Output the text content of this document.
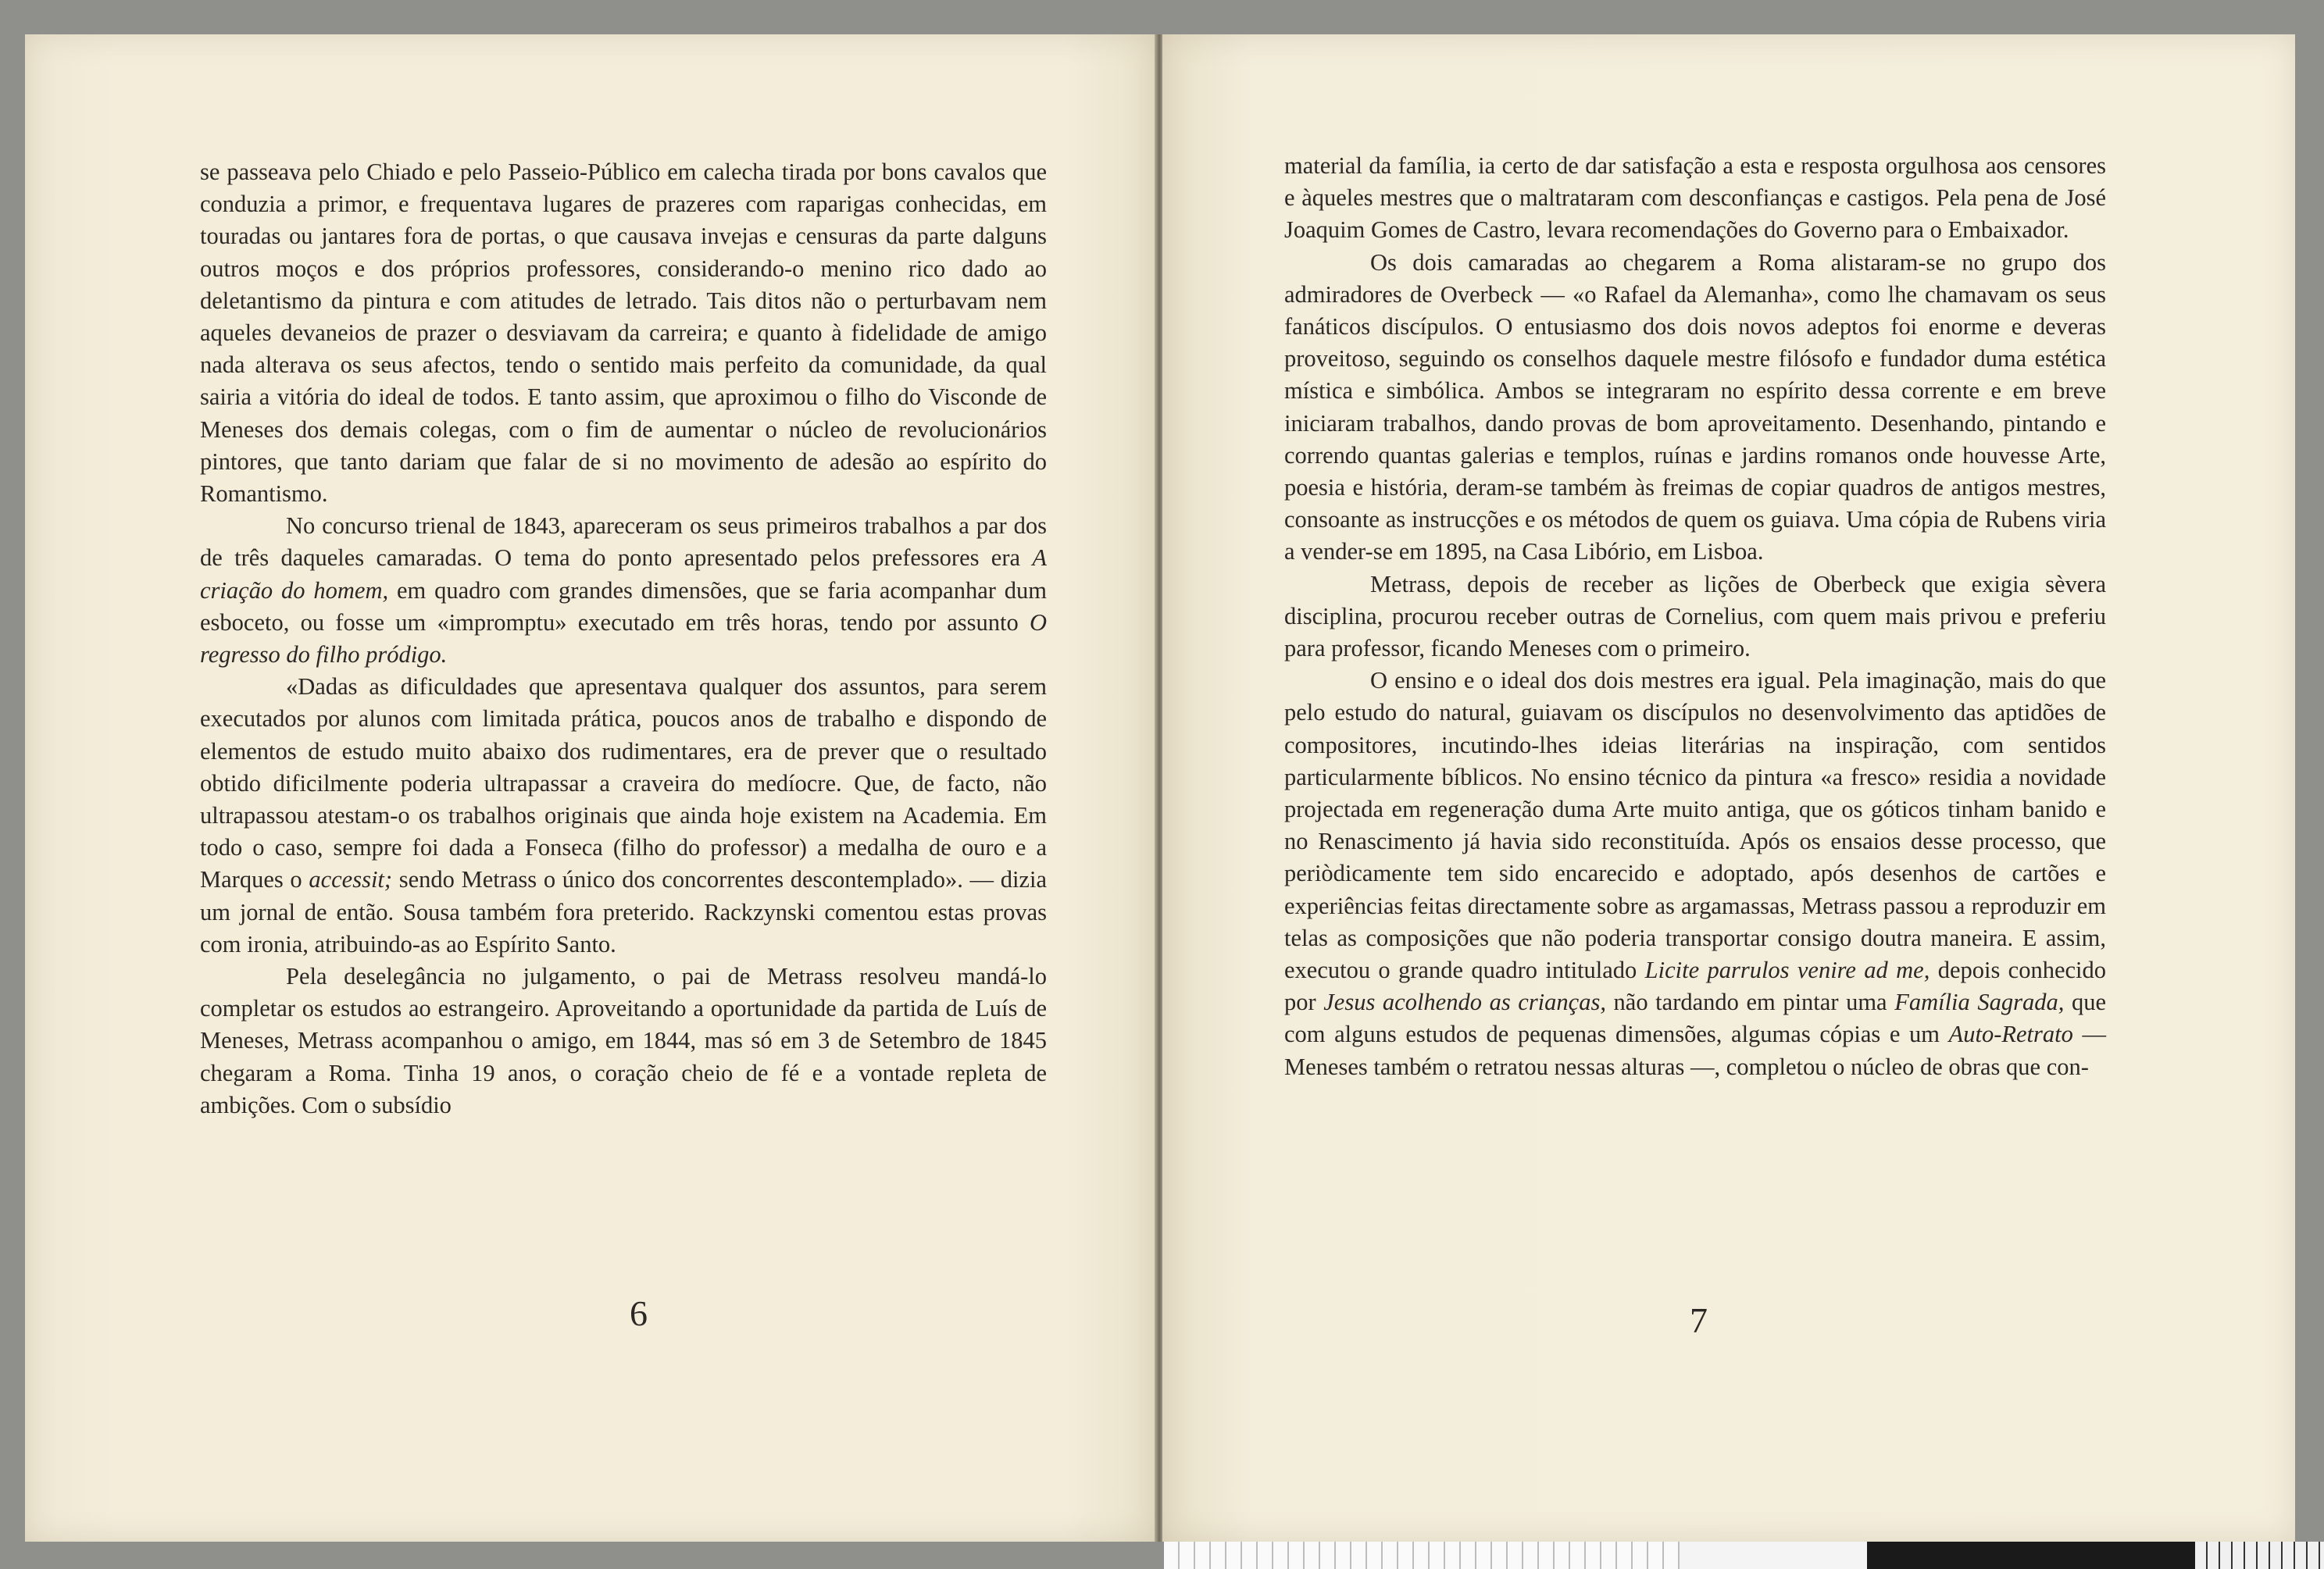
se passeava pelo Chiado e pelo Passeio-Público em calecha tirada por bons cavalos que conduzia a primor, e frequentava lugares de prazeres com raparigas conhecidas, em touradas ou jantares fora de portas, o que causava invejas e censuras da parte dalguns outros moços e dos próprios professores, considerando-o menino rico dado ao deletantismo da pintura e com atitudes de letrado. Tais ditos não o perturbavam nem aqueles devaneios de prazer o desviavam da carreira; e quanto à fidelidade de amigo nada alterava os seus afectos, tendo o sentido mais perfeito da comunidade, da qual sairia a vitória do ideal de todos. E tanto assim, que aproximou o filho do Visconde de Meneses dos demais colegas, com o fim de aumentar o núcleo de revolucionários pintores, que tanto dariam que falar de si no movimento de adesão ao espírito do Romantismo.

No concurso trienal de 1843, apareceram os seus primeiros trabalhos a par dos de três daqueles camaradas. O tema do ponto apresentado pelos prefessores era A criação do homem, em quadro com grandes dimensões, que se faria acompanhar dum esboceto, ou fosse um «impromptu» executado em três horas, tendo por assunto O regresso do filho pródigo.

«Dadas as dificuldades que apresentava qualquer dos assuntos, para serem executados por alunos com limitada prática, poucos anos de trabalho e dispondo de elementos de estudo muito abaixo dos rudimentares, era de prever que o resultado obtido dificilmente poderia ultrapassar a craveira do medíocre. Que, de facto, não ultrapassou atestam-o os trabalhos originais que ainda hoje existem na Academia. Em todo o caso, sempre foi dada a Fonseca (filho do professor) a medalha de ouro e a Marques o accessit; sendo Metrass o único dos concorrentes descontemplado». — dizia um jornal de então. Sousa também fora preterido. Rackzynski comentou estas provas com ironia, atribuindo-as ao Espírito Santo.

Pela deselegância no julgamento, o pai de Metrass resolveu mandá-lo completar os estudos ao estrangeiro. Aproveitando a oportunidade da partida de Luís de Meneses, Metrass acompanhou o amigo, em 1844, mas só em 3 de Setembro de 1845 chegaram a Roma. Tinha 19 anos, o coração cheio de fé e a vontade repleta de ambições. Com o subsídio

6

material da família, ia certo de dar satisfação a esta e resposta orgulhosa aos censores e àqueles mestres que o maltrataram com desconfianças e castigos. Pela pena de José Joaquim Gomes de Castro, levara recomendações do Governo para o Embaixador.

Os dois camaradas ao chegarem a Roma alistaram-se no grupo dos admiradores de Overbeck — «o Rafael da Alemanha», como lhe chamavam os seus fanáticos discípulos. O entusiasmo dos dois novos adeptos foi enorme e deveras proveitoso, seguindo os conselhos daquele mestre filósofo e fundador duma estética mística e simbólica. Ambos se integraram no espírito dessa corrente e em breve iniciaram trabalhos, dando provas de bom aproveitamento. Desenhando, pintando e correndo quantas galerias e templos, ruínas e jardins romanos onde houvesse Arte, poesia e história, deram-se também às freimas de copiar quadros de antigos mestres, consoante as instrucções e os métodos de quem os guiava. Uma cópia de Rubens viria a vender-se em 1895, na Casa Libório, em Lisboa.

Metrass, depois de receber as lições de Oberbeck que exigia sèvera disciplina, procurou receber outras de Cornelius, com quem mais privou e preferiu para professor, ficando Meneses com o primeiro.

O ensino e o ideal dos dois mestres era igual. Pela imaginação, mais do que pelo estudo do natural, guiavam os discípulos no desenvolvimento das aptidões de compositores, incutindo-lhes ideias literárias na inspiração, com sentidos particularmente bíblicos. No ensino técnico da pintura «a fresco» residia a novidade projectada em regeneração duma Arte muito antiga, que os góticos tinham banido e no Renascimento já havia sido reconstituída. Após os ensaios desse processo, que periòdicamente tem sido encarecido e adoptado, após desenhos de cartões e experiências feitas directamente sobre as argamassas, Metrass passou a reproduzir em telas as composições que não poderia transportar consigo doutra maneira. E assim, executou o grande quadro intitulado Licite parrulos venire ad me, depois conhecido por Jesus acolhendo as crianças, não tardando em pintar uma Família Sagrada, que com alguns estudos de pequenas dimensões, algumas cópias e um Auto-Retrato — Meneses também o retratou nessas alturas —, completou o núcleo de obras que con-

7
